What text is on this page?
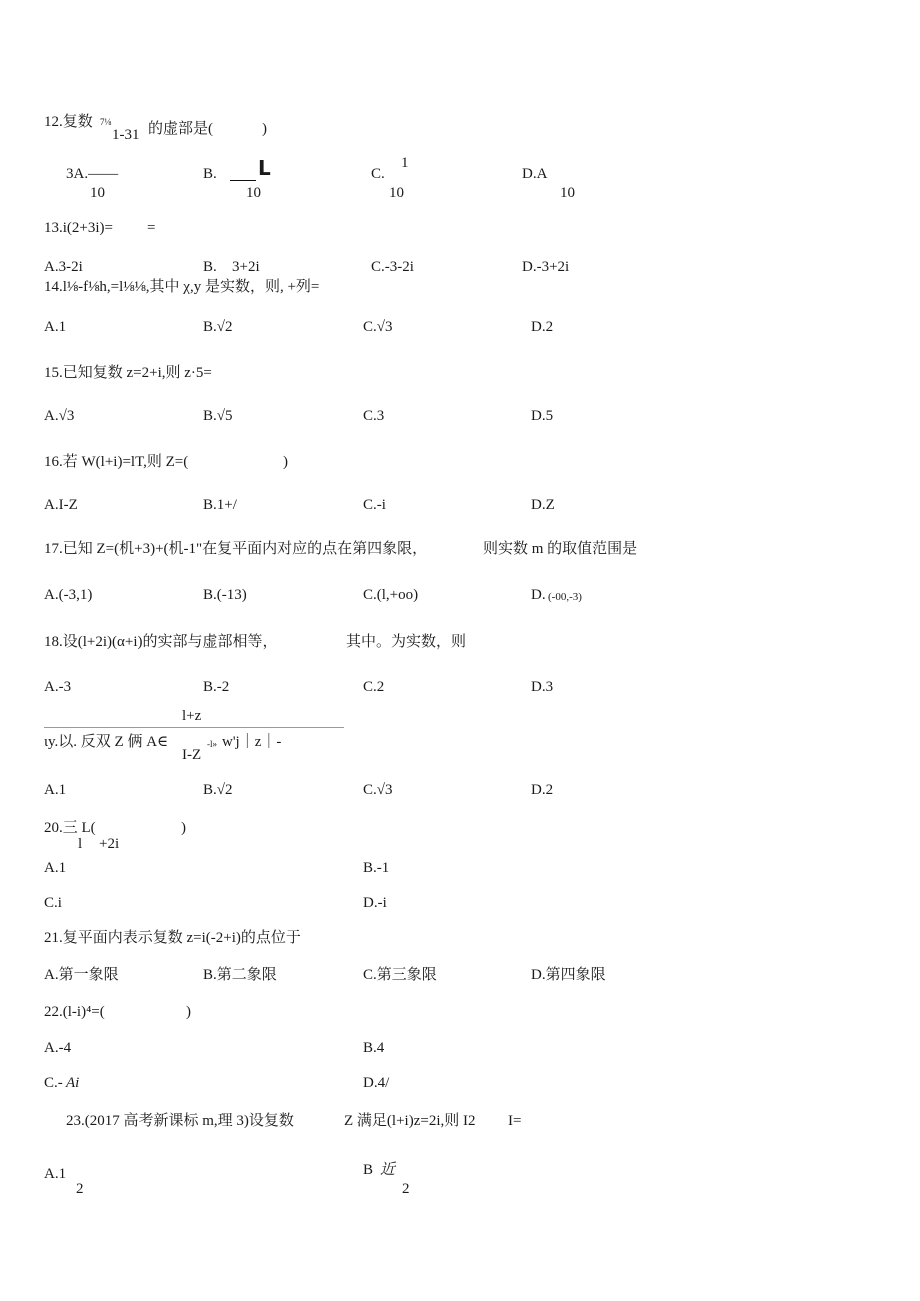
12.复数 7⅛
1-31 的虚部是(	)
3A.——
10
B. L
10
C.
1
10
D.A
10
13.i(2+3i)= =
A.3-2i	B. 3+2i	C.-3-2i	D.-3+2i
14.l⅛-f⅛h,=l⅛⅛,其中 χ,y 是实数，则, +列=
A.1	B.√2	C.√3	D.2
15.已知复数 z=2+i,则 z·5=
A.√3	B.√5	C.3	D.5
16.若 W(l+i)=lT,则 Z=(	)
A.I-Z	B.1+/	C.-i	D.Z
17.已知 Z=(机+3)+(机-1"在复平面内对应的点在第四象限，	则实数 m 的取值范围是
A.(-3,1)	B.(-13)	C.(l,+oo)	D. (-00,-3)
18.设(l+2i)(α+i)的实部与虚部相等，	其中。为实数，则
A.-3	B.-2	C.2	D.3
l+z
ιy.以. 反双 Z 俩 A∈	-l» w'j｜z｜-
I-Z
A.1	B.√2	C.√3	D.2
20.三 L(	)
l +2i
A.1	B.-1
C.i	D.-i
21.复平面内表示复数 z=i(-2+i)的点位于
A.第一象限	B.第二象限	C.第三象限	D.第四象限
22.(l-i)⁴=(	)
A.-4	B.4
C.- Ai	D.4/
23.(2017 高考新课标 m,理 3)设复数	Z 满足(l+i)z=2i,则 I2 I=
A.1
2
B 近
2
